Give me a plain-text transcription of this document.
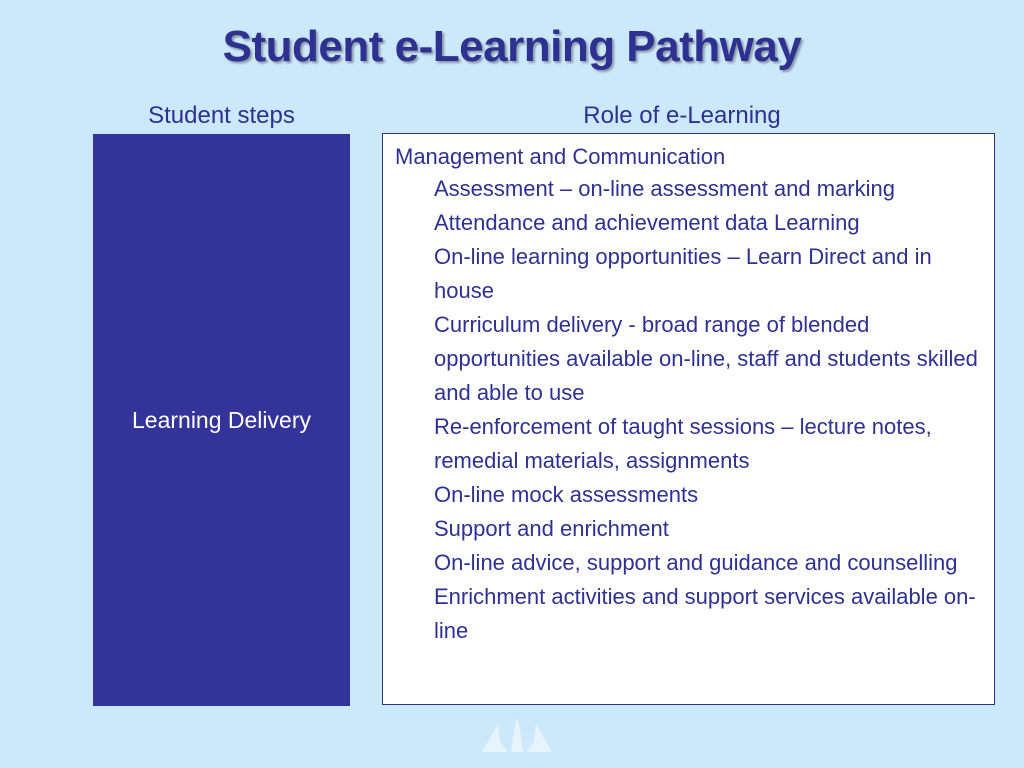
Student e-Learning Pathway
Student steps	Role of e-Learning
Learning Delivery
Management and Communication
Assessment – on-line assessment and marking
Attendance and achievement data Learning
On-line learning opportunities – Learn Direct and in house
Curriculum delivery - broad range of blended opportunities available on-line, staff and students skilled and able to use
Re-enforcement of taught sessions – lecture notes, remedial materials, assignments
On-line mock assessments
Support and enrichment
On-line advice, support and guidance and counselling
Enrichment activities and support services available on-line
